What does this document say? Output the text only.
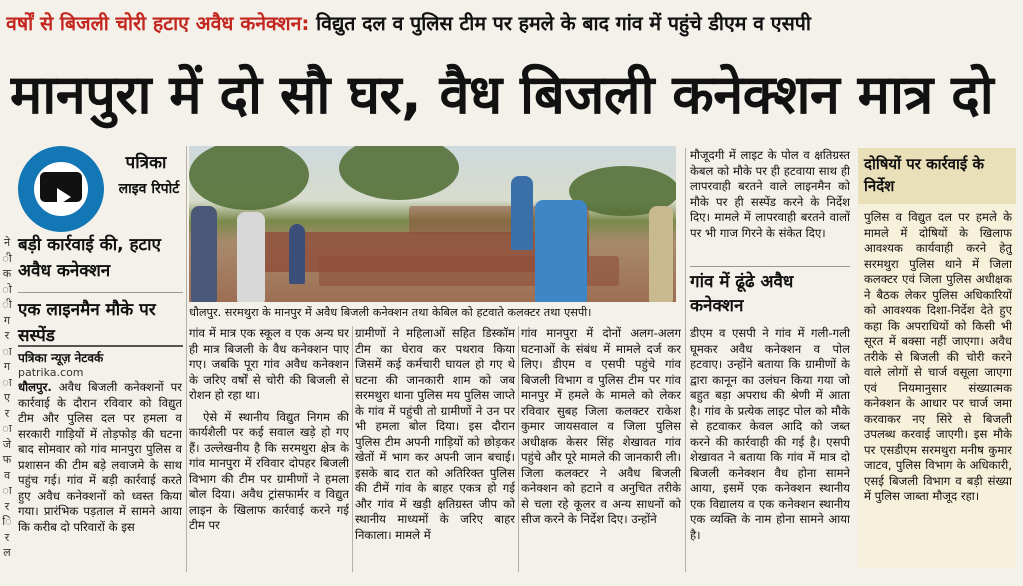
वर्षों से बिजली चोरी हटाए अवैध कनेक्शन: विद्युत दल व पुलिस टीम पर हमले के बाद गांव में पहुंचे डीएम व एसपी
मानपुरा में दो सौ घर, वैध बिजली कनेक्शन मात्र दो
ने
ी
क
ो
ी
ग
र
ा
ग
ा
ए
र
ा
जे
फ
व
ा
र
ि
र
ल
पत्रिका
लाइव रिपोर्ट
बड़ी कार्रवाई की, हटाए अवैध कनेक्शन
एक लाइनमैन मौके पर सस्पेंड
पत्रिका न्यूज़ नेटवर्क
patrika.com

धौलपुर. अवैध बिजली कनेक्शनों पर कार्रवाई के दौरान रविवार को विद्युत टीम और पुलिस दल पर हमला व सरकारी गाड़ियों में तोड़फोड़ की घटना बाद सोमवार को गांव मानपुरा पुलिस व प्रशासन की टीम बड़े लवाजमे के साथ पहुंच गई। गांव में बड़ी कार्रवाई करते हुए अवैध कनेक्शनों को ध्वस्त किया गया। प्रारंभिक पड़ताल में सामने आया कि करीब दो परिवारों के इस

धौलपुर. सरमथुरा के मानपुर में अवैध बिजली कनेक्शन तथा केबिल को हटवाते कलक्टर तथा एसपी।

गांव में मात्र एक स्कूल व एक अन्य घर ही मात्र बिजली के वैध कनेक्शन पाए गए। जबकि पूरा गांव अवैध कनेक्शन के जरिए वर्षों से चोरी की बिजली से रोशन हो रहा था।

ऐसे में स्थानीय विद्युत निगम की कार्यशैली पर कई सवाल खड़े हो गए हैं। उल्लेखनीय है कि सरमथुरा क्षेत्र के गांव मानपुरा में रविवार दोपहर बिजली विभाग की टीम पर ग्रामीणों ने हमला बोल दिया। अवैध ट्रांसफार्मर व विद्युत लाइन के खिलाफ कार्रवाई करने गई टीम पर

ग्रामीणों ने महिलाओं सहित डिस्कॉम टीम का घेराव कर पथराव किया जिसमें कई कर्मचारी घायल हो गए थे घटना की जानकारी शाम को जब सरमथुरा थाना पुलिस मय पुलिस जाप्ते के गांव में पहुंची तो ग्रामीणों ने उन पर भी हमला बोल दिया। इस दौरान पुलिस टीम अपनी गाड़ियों को छोड़कर खेतों में भाग कर अपनी जान बचाई। इसके बाद रात को अतिरिक्त पुलिस की टीमें गांव के बाहर एकत्र हो गई और गांव में खड़ी क्षतिग्रस्त जीप को स्थानीय माध्यमों के जरिए बाहर निकाला। मामले में

गांव मानपुरा में दोनों अलग-अलग घटनाओं के संबंध में मामले दर्ज कर लिए। डीएम व एसपी पहुंचे गांव बिजली विभाग व पुलिस टीम पर गांव मानपुर में हमले के मामले को लेकर रविवार सुबह जिला कलक्टर राकेश कुमार जायसवाल व जिला पुलिस अधीक्षक केसर सिंह शेखावत गांव पहुंचे और पूरे मामले की जानकारी ली। जिला कलक्टर ने अवैध बिजली कनेक्शन को हटाने व अनुचित तरीके से चला रहे कूलर व अन्य साधनों को सीज करने के निर्देश दिए। उन्होंने

मौजूदगी में लाइट के पोल व क्षतिग्रस्त केबल को मौके पर ही हटवाया साथ ही लापरवाही बरतने वाले लाइनमैन को मौके पर ही सस्पेंड करने के निर्देश दिए। मामले में लापरवाही बरतने वालों पर भी गाज गिरने के संकेत दिए।

गांव में ढूंढे अवैध कनेक्शन

डीएम व एसपी ने गांव में गली-गली घूमकर अवैध कनेक्शन व पोल हटवाए। उन्होंने बताया कि ग्रामीणों के द्वारा कानून का उलंघन किया गया जो बहुत बड़ा अपराध की श्रेणी में आता है। गांव के प्रत्येक लाइट पोल को मौके से हटवाकर केवल आदि को जब्त करने की कार्रवाही की गई है। एसपी शेखावत ने बताया कि गांव में मात्र दो बिजली कनेक्शन वैध होना सामने आया, इसमें एक कनेक्शन स्थानीय एक विद्यालय व एक कनेक्शन स्थानीय एक व्यक्ति के नाम होना सामने आया है।

दोषियों पर कार्रवाई के निर्देश
पुलिस व विद्युत दल पर हमले के मामले में दोषियों के खिलाफ आवश्यक कार्यवाही करने हेतु सरमथुरा पुलिस थाने में जिला कलक्टर एवं जिला पुलिस अधीक्षक ने बैठक लेकर पुलिस अधिकारियों को आवश्यक दिशा-निर्देश देते हुए कहा कि अपराधियों को किसी भी सूरत में बक्सा नहीं जाएगा। अवैध तरीके से बिजली की चोरी करने वाले लोगों से चार्ज वसूला जाएगा एवं नियमानुसार संख्यात्मक कनेक्शन के आधार पर चार्ज जमा करवाकर नए सिरे से बिजली उपलब्ध करवाई जाएगी। इस मौके पर एसडीएम सरमथुरा मनीष कुमार जाटव, पुलिस विभाग के अधिकारी, एसई बिजली विभाग व बड़ी संख्या में पुलिस जाब्ता मौजूद रहा।
